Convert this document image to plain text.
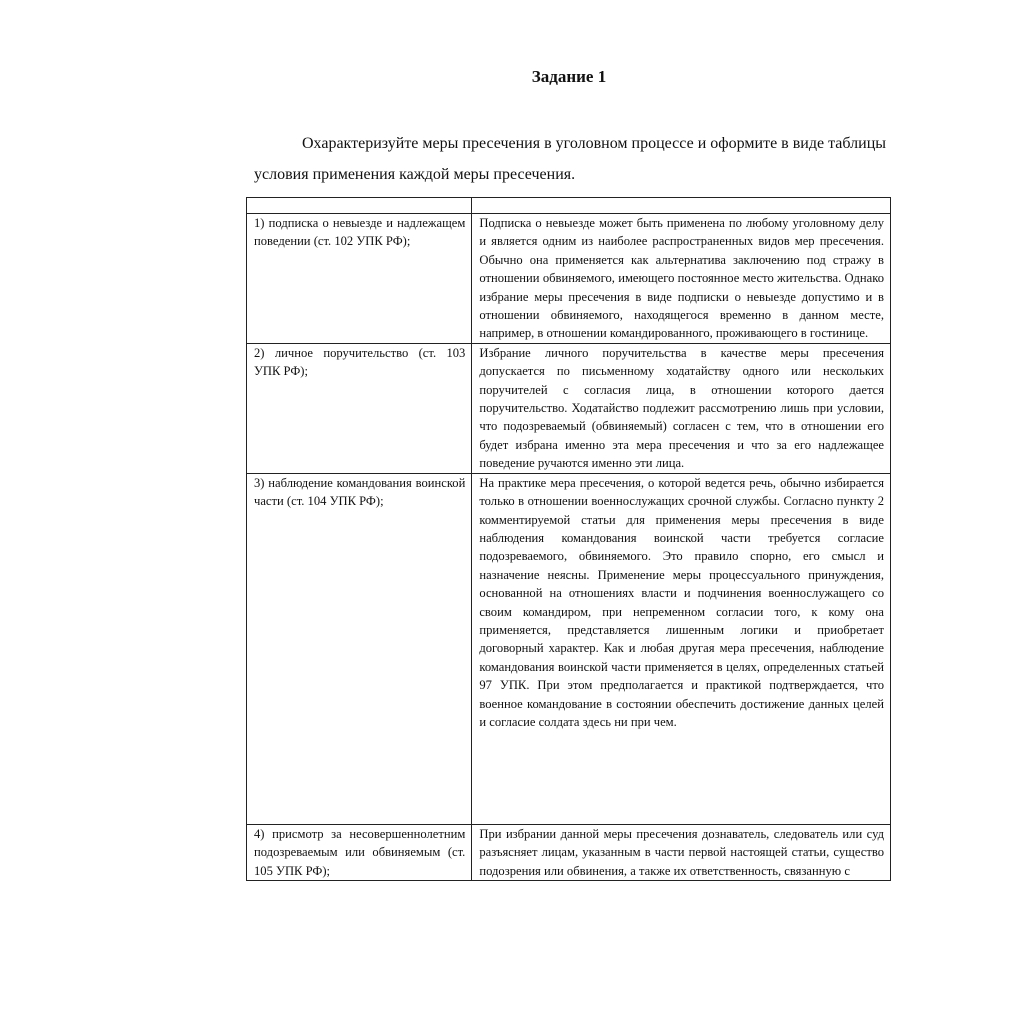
Задание 1
Охарактеризуйте меры пресечения в уголовном процессе и оформите в виде таблицы условия применения каждой меры пресечения.

1) подписка о невыезде и надлежащем поведении (ст. 102 УПК РФ);	Подписка о невыезде может быть применена по любому уголовному делу и является одним из наиболее распространенных видов мер пресечения. Обычно она применяется как альтернатива заключению под стражу в отношении обвиняемого, имеющего постоянное место жительства. Однако избрание меры пресечения в виде подписки о невыезде допустимо и в отношении обвиняемого, находящегося временно в данном месте, например, в отношении командированного, проживающего в гостинице.
2) личное поручительство (ст. 103 УПК РФ);	Избрание личного поручительства в качестве меры пресечения допускается по письменному ходатайству одного или нескольких поручителей с согласия лица, в отношении которого дается поручительство. Ходатайство подлежит рассмотрению лишь при условии, что подозреваемый (обвиняемый) согласен с тем, что в отношении его будет избрана именно эта мера пресечения и что за его надлежащее поведение ручаются именно эти лица.
3) наблюдение командования воинской части (ст. 104 УПК РФ);	На практике мера пресечения, о которой ведется речь, обычно избирается только в отношении военнослужащих срочной службы. Согласно пункту 2 комментируемой статьи для применения меры пресечения в виде наблюдения командования воинской части требуется согласие подозреваемого, обвиняемого. Это правило спорно, его смысл и назначение неясны. Применение меры процессуального принуждения, основанной на отношениях власти и подчинения военнослужащего со своим командиром, при непременном согласии того, к кому она применяется, представляется лишенным логики и приобретает договорный характер. Как и любая другая мера пресечения, наблюдение командования воинской части применяется в целях, определенных статьей 97 УПК. При этом предполагается и практикой подтверждается, что военное командование в состоянии обеспечить достижение данных целей и согласие солдата здесь ни при чем.
4) присмотр за несовершеннолетним подозреваемым или обвиняемым (ст. 105 УПК РФ);	При избрании данной меры пресечения дознаватель, следователь или суд разъясняет лицам, указанным в части первой настоящей статьи, существо подозрения или обвинения, а также их ответственность, связанную с
